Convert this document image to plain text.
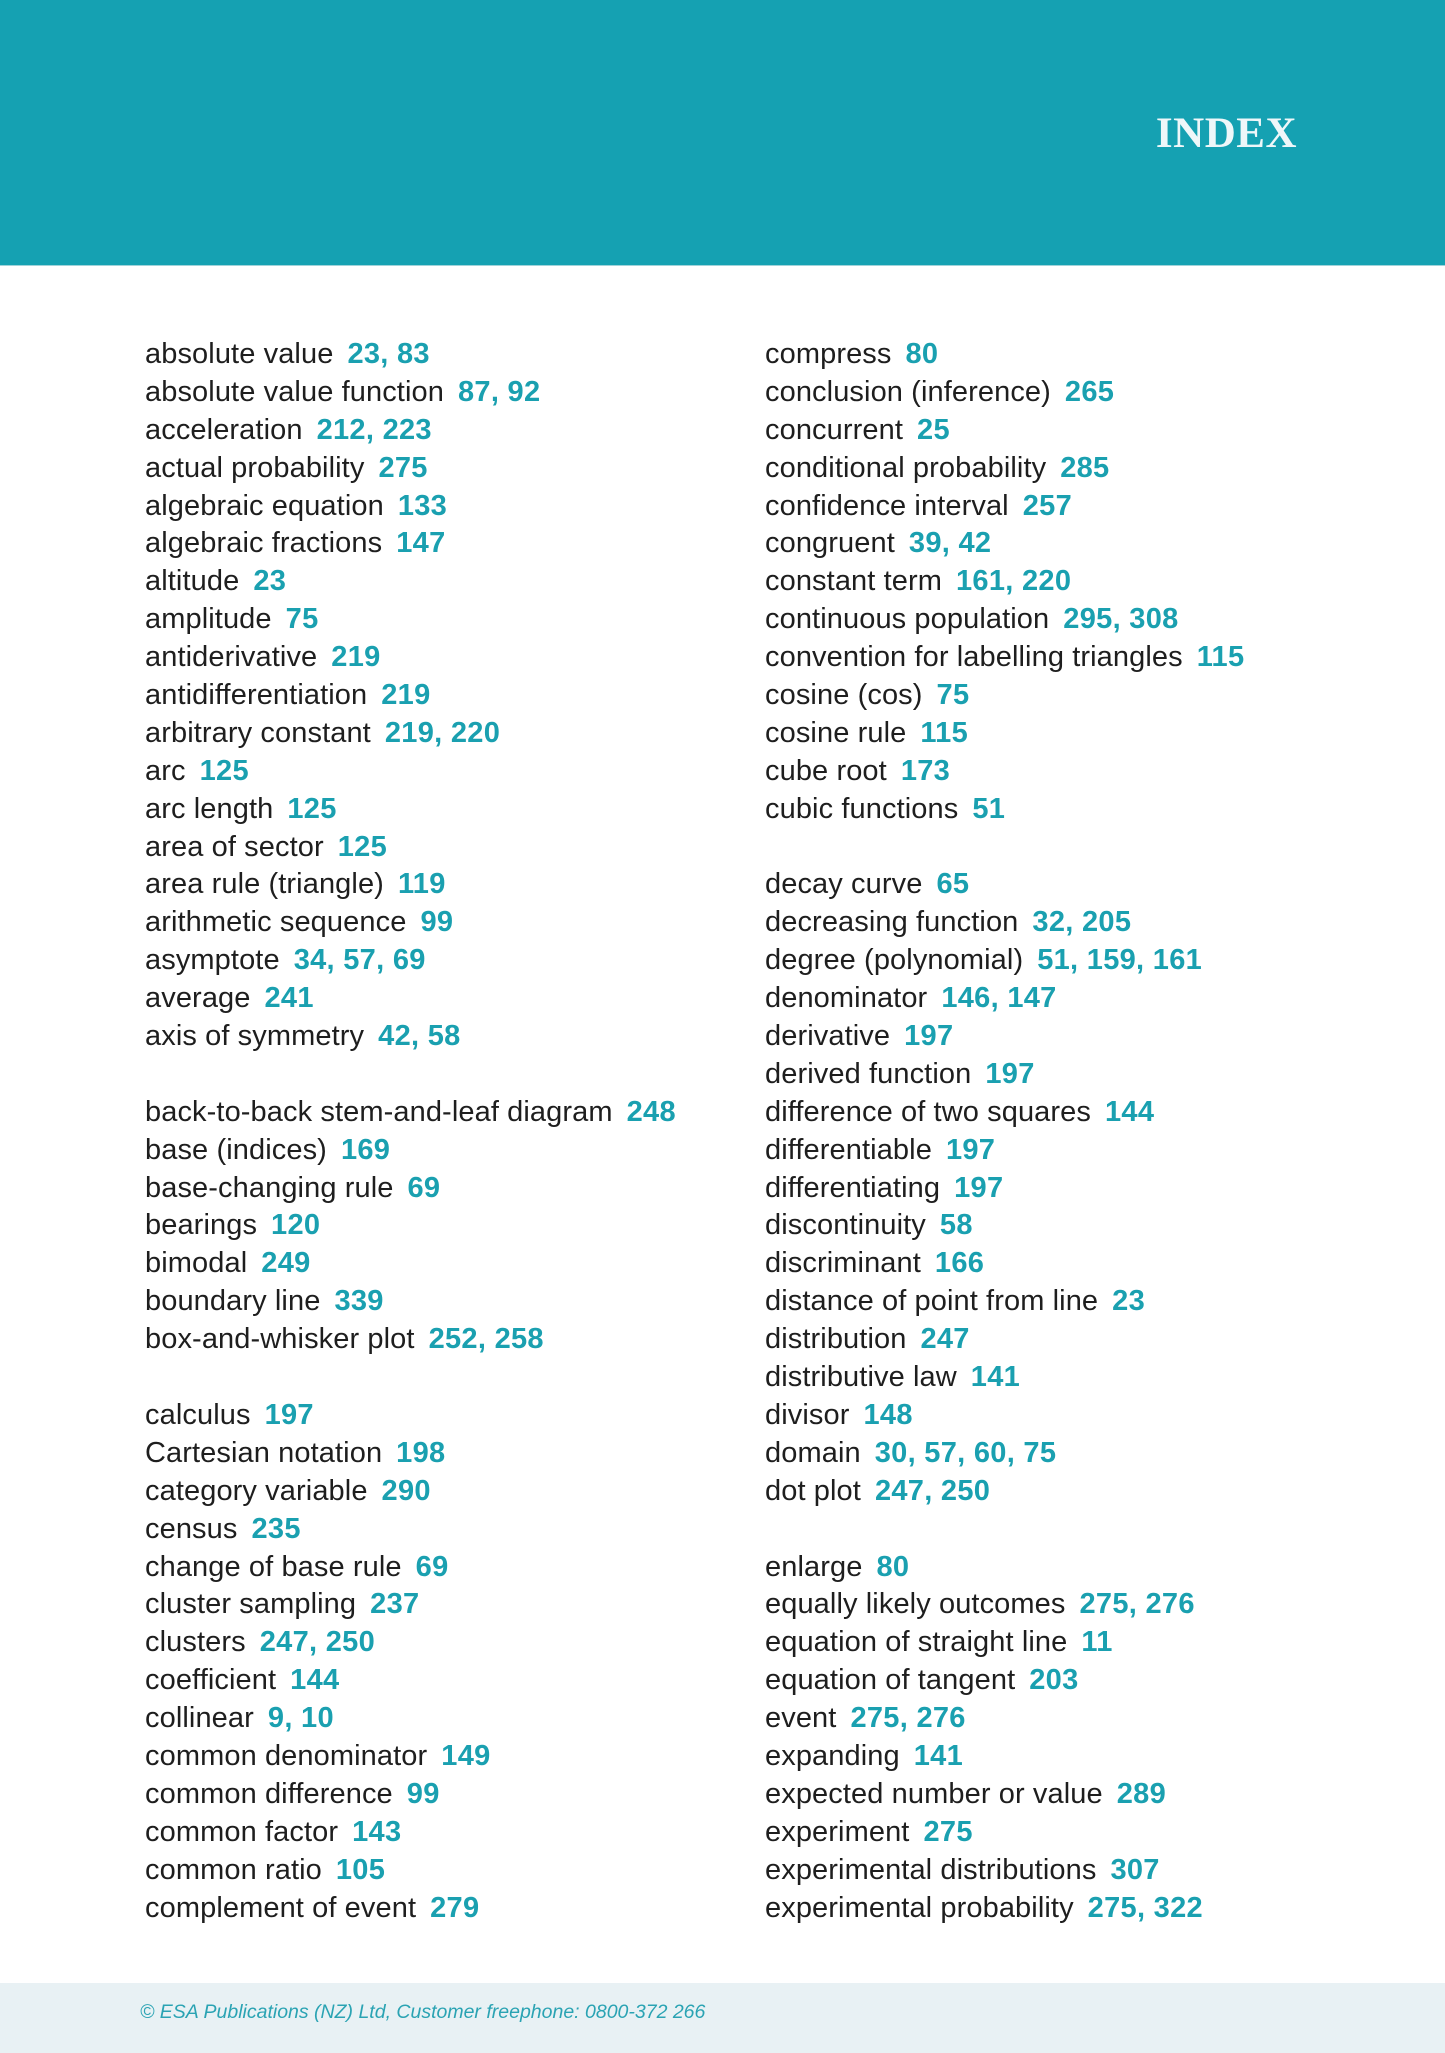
INDEX
absolute value 23, 83
absolute value function 87, 92
acceleration 212, 223
actual probability 275
algebraic equation 133
algebraic fractions 147
altitude 23
amplitude 75
antiderivative 219
antidifferentiation 219
arbitrary constant 219, 220
arc 125
arc length 125
area of sector 125
area rule (triangle) 119
arithmetic sequence 99
asymptote 34, 57, 69
average 241
axis of symmetry 42, 58
back-to-back stem-and-leaf diagram 248
base (indices) 169
base-changing rule 69
bearings 120
bimodal 249
boundary line 339
box-and-whisker plot 252, 258
calculus 197
Cartesian notation 198
category variable 290
census 235
change of base rule 69
cluster sampling 237
clusters 247, 250
coefficient 144
collinear 9, 10
common denominator 149
common difference 99
common factor 143
common ratio 105
complement of event 279
compress 80
conclusion (inference) 265
concurrent 25
conditional probability 285
confidence interval 257
congruent 39, 42
constant term 161, 220
continuous population 295, 308
convention for labelling triangles 115
cosine (cos) 75
cosine rule 115
cube root 173
cubic functions 51
decay curve 65
decreasing function 32, 205
degree (polynomial) 51, 159, 161
denominator 146, 147
derivative 197
derived function 197
difference of two squares 144
differentiable 197
differentiating 197
discontinuity 58
discriminant 166
distance of point from line 23
distribution 247
distributive law 141
divisor 148
domain 30, 57, 60, 75
dot plot 247, 250
enlarge 80
equally likely outcomes 275, 276
equation of straight line 11
equation of tangent 203
event 275, 276
expanding 141
expected number or value 289
experiment 275
experimental distributions 307
experimental probability 275, 322
© ESA Publications (NZ) Ltd, Customer freephone: 0800-372 266
